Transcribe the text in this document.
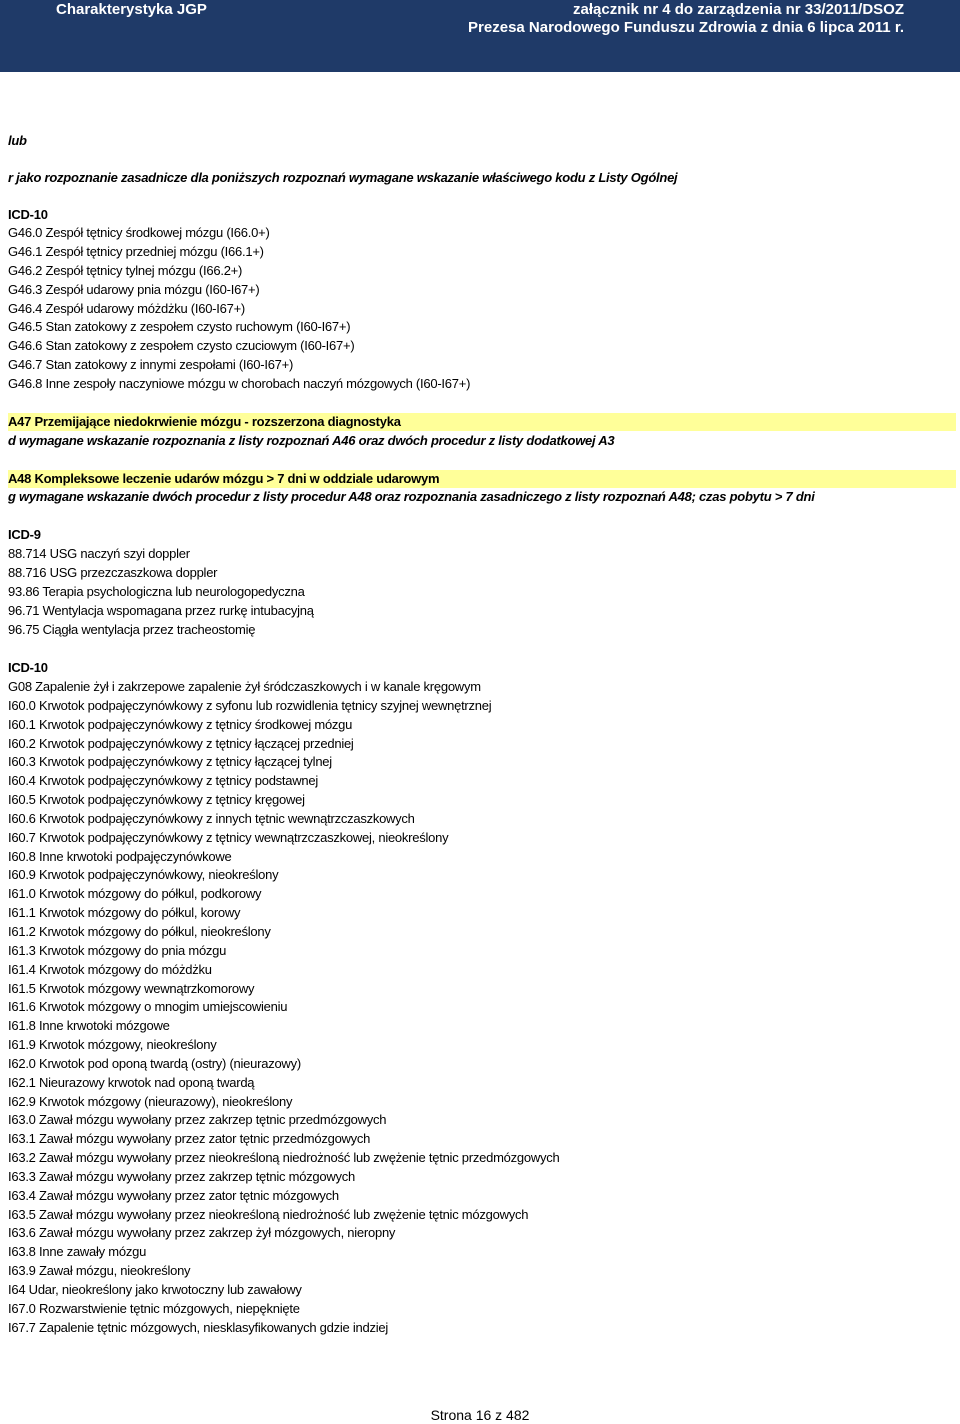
Charakterystyka JGP	załącznik nr 4 do zarządzenia nr 33/2011/DSOZ
Prezesa Narodowego Funduszu Zdrowia z dnia 6 lipca 2011 r.
lub
r jako rozpoznanie zasadnicze dla poniższych rozpoznań wymagane wskazanie właściwego kodu z Listy Ogólnej
ICD-10
G46.0 Zespół tętnicy środkowej mózgu (I66.0+)
G46.1 Zespół tętnicy przedniej mózgu (I66.1+)
G46.2 Zespół tętnicy tylnej mózgu (I66.2+)
G46.3 Zespół udarowy pnia mózgu (I60-I67+)
G46.4 Zespół udarowy móżdżku (I60-I67+)
G46.5 Stan zatokowy z zespołem czysto ruchowym (I60-I67+)
G46.6 Stan zatokowy z zespołem czysto czuciowym (I60-I67+)
G46.7 Stan zatokowy z innymi zespołami (I60-I67+)
G46.8 Inne zespoły naczyniowe mózgu w chorobach naczyń mózgowych (I60-I67+)
A47 Przemijające niedokrwienie mózgu - rozszerzona diagnostyka
d wymagane wskazanie rozpoznania z listy rozpoznań A46 oraz dwóch procedur z listy dodatkowej A3
A48 Kompleksowe leczenie udarów mózgu > 7 dni w oddziale udarowym
g wymagane wskazanie dwóch procedur z listy procedur A48 oraz rozpoznania zasadniczego z listy rozpoznań A48; czas pobytu > 7 dni
ICD-9
88.714 USG naczyń szyi doppler
88.716 USG przezczaszkowa doppler
93.86 Terapia psychologiczna lub neurologopedyczna
96.71 Wentylacja wspomagana przez rurkę intubacyjną
96.75 Ciągła wentylacja przez tracheostomię
ICD-10
G08 Zapalenie żył i zakrzepowe zapalenie żył śródczaszkowych i w kanale kręgowym
I60.0 Krwotok podpajęczynówkowy z syfonu lub rozwidlenia tętnicy szyjnej wewnętrznej
I60.1 Krwotok podpajęczynówkowy z tętnicy środkowej mózgu
I60.2 Krwotok podpajęczynówkowy z tętnicy łączącej przedniej
I60.3 Krwotok podpajęczynówkowy z tętnicy łączącej tylnej
I60.4 Krwotok podpajęczynówkowy z tętnicy podstawnej
I60.5 Krwotok podpajęczynówkowy z tętnicy kręgowej
I60.6 Krwotok podpajęczynówkowy z innych tętnic wewnątrzczaszkowych
I60.7 Krwotok podpajęczynówkowy z tętnicy wewnątrzczaszkowej, nieokreślony
I60.8 Inne krwotoki podpajęczynówkowe
I60.9 Krwotok podpajęczynówkowy, nieokreślony
I61.0 Krwotok mózgowy do półkul, podkorowy
I61.1 Krwotok mózgowy do półkul, korowy
I61.2 Krwotok mózgowy do półkul, nieokreślony
I61.3 Krwotok mózgowy do pnia mózgu
I61.4 Krwotok mózgowy do móżdżku
I61.5 Krwotok mózgowy wewnątrzkomorowy
I61.6 Krwotok mózgowy o mnogim umiejscowieniu
I61.8 Inne krwotoki mózgowe
I61.9 Krwotok mózgowy, nieokreślony
I62.0 Krwotok pod oponą twardą (ostry) (nieurazowy)
I62.1 Nieurazowy krwotok nad oponą twardą
I62.9 Krwotok mózgowy (nieurazowy), nieokreślony
I63.0 Zawał mózgu wywołany przez zakrzep tętnic przedmózgowych
I63.1 Zawał mózgu wywołany przez zator tętnic przedmózgowych
I63.2 Zawał mózgu wywołany przez nieokreśloną niedrożność lub zwężenie tętnic przedmózgowych
I63.3 Zawał mózgu wywołany przez zakrzep tętnic mózgowych
I63.4 Zawał mózgu wywołany przez zator tętnic mózgowych
I63.5 Zawał mózgu wywołany przez nieokreśloną niedrożność lub zwężenie tętnic mózgowych
I63.6 Zawał mózgu wywołany przez zakrzep żył mózgowych, nieropny
I63.8 Inne zawały mózgu
I63.9 Zawał mózgu, nieokreślony
I64 Udar, nieokreślony jako krwotoczny lub zawałowy
I67.0 Rozwarstwienie tętnic mózgowych, niepęknięte
I67.7 Zapalenie tętnic mózgowych, niesklasyfikowanych gdzie indziej
Strona 16 z 482
